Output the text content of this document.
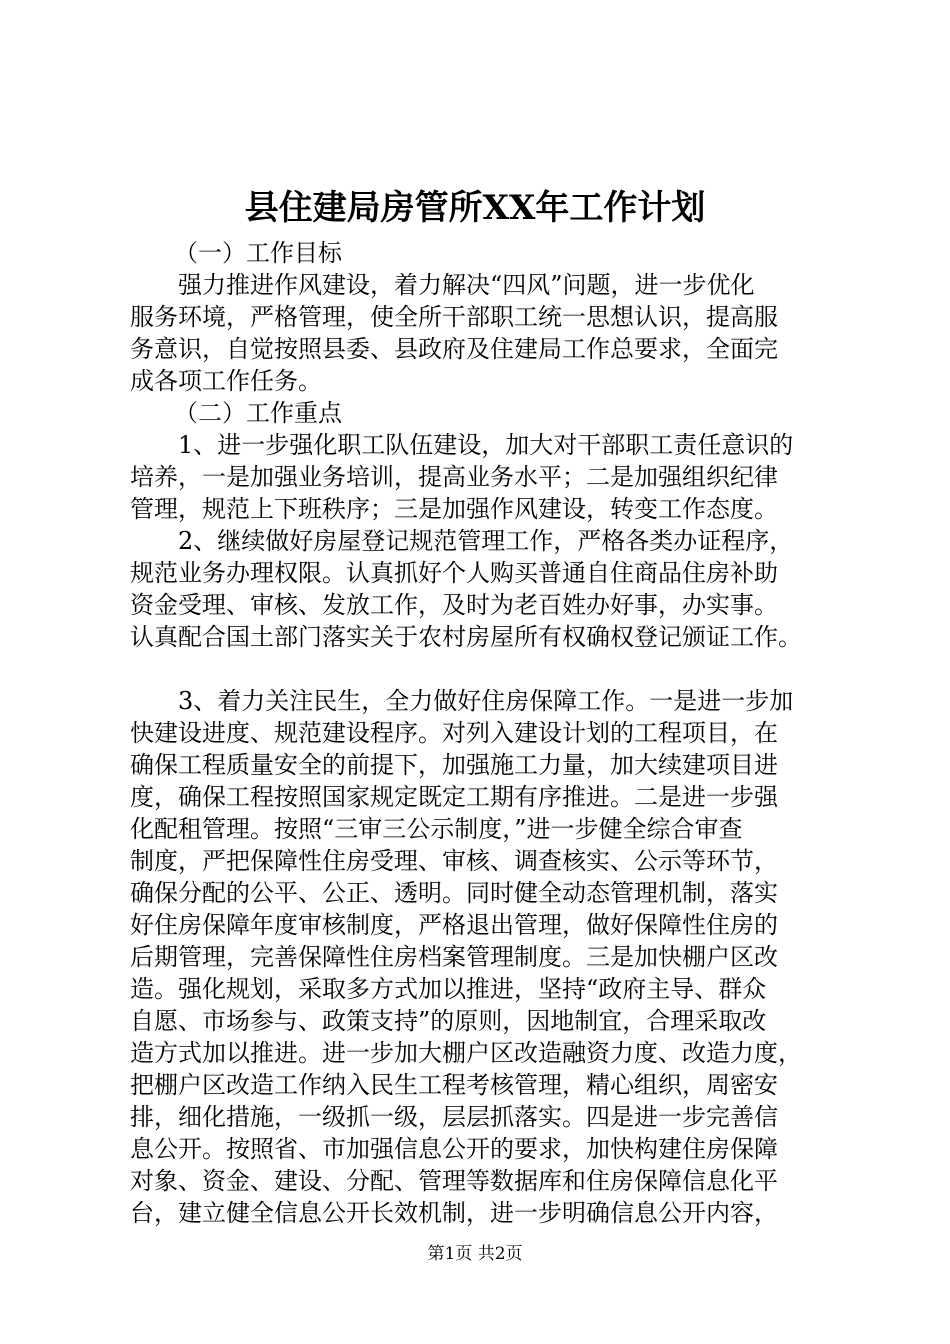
县住建局房管所XX年工作计划
（一）工作目标
强力推进作风建设，着力解决“四风”问题，进一步优化
服务环境，严格管理，使全所干部职工统一思想认识，提高服
务意识，自觉按照县委、县政府及住建局工作总要求，全面完
成各项工作任务。
（二）工作重点
1、进一步强化职工队伍建设，加大对干部职工责任意识的
培养，一是加强业务培训，提高业务水平；二是加强组织纪律
管理，规范上下班秩序；三是加强作风建设，转变工作态度。
2、继续做好房屋登记规范管理工作，严格各类办证程序，
规范业务办理权限。认真抓好个人购买普通自住商品住房补助
资金受理、审核、发放工作，及时为老百姓办好事，办实事。
认真配合国土部门落实关于农村房屋所有权确权登记颁证工作。
3、着力关注民生，全力做好住房保障工作。一是进一步加
快建设进度、规范建设程序。对列入建设计划的工程项目，在
确保工程质量安全的前提下，加强施工力量，加大续建项目进
度，确保工程按照国家规定既定工期有序推进。二是进一步强
化配租管理。按照“三审三公示制度，”进一步健全综合审查
制度，严把保障性住房受理、审核、调查核实、公示等环节，
确保分配的公平、公正、透明。同时健全动态管理机制，落实
好住房保障年度审核制度，严格退出管理，做好保障性住房的
后期管理，完善保障性住房档案管理制度。三是加快棚户区改
造。强化规划，采取多方式加以推进，坚持“政府主导、群众
自愿、市场参与、政策支持”的原则，因地制宜，合理采取改
造方式加以推进。进一步加大棚户区改造融资力度、改造力度，
把棚户区改造工作纳入民生工程考核管理，精心组织，周密安
排，细化措施，一级抓一级，层层抓落实。四是进一步完善信
息公开。按照省、市加强信息公开的要求，加快构建住房保障
对象、资金、建设、分配、管理等数据库和住房保障信息化平
台，建立健全信息公开长效机制，进一步明确信息公开内容，
第1页 共2页
